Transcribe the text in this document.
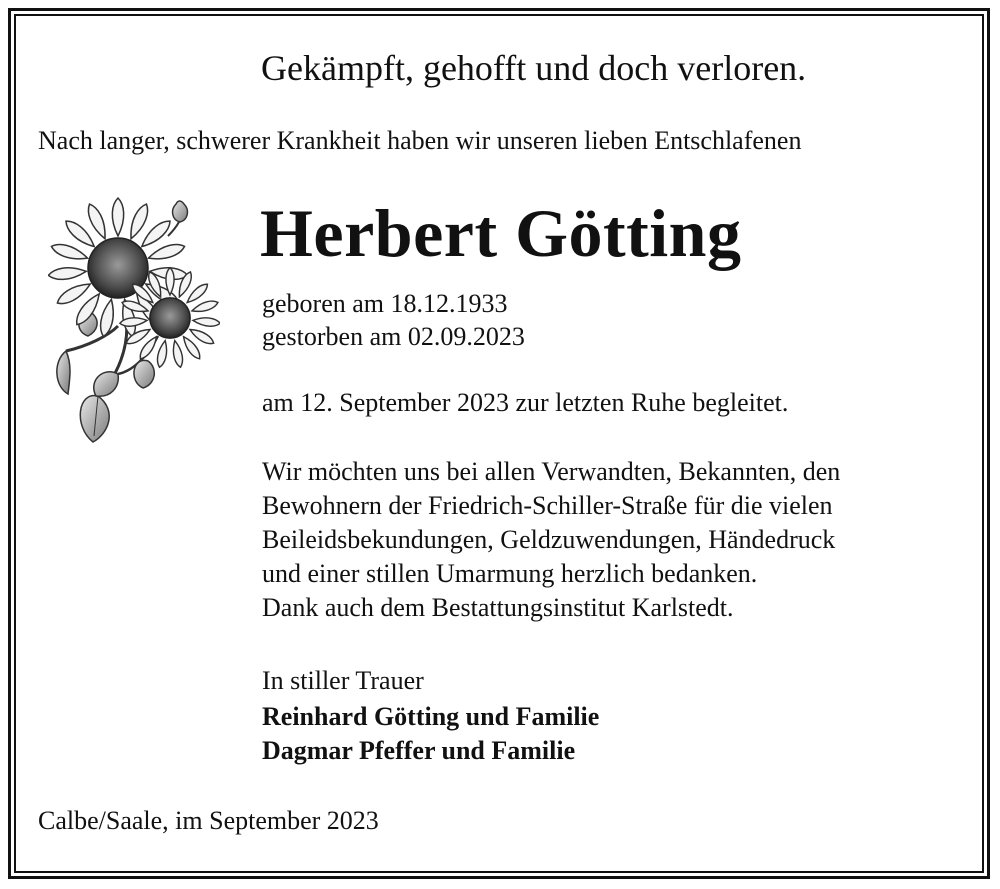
Gekämpft, gehofft und doch verloren.
Nach langer, schwerer Krankheit haben wir unseren lieben Entschlafenen
Herbert Götting
geboren am 18.12.1933
gestorben am 02.09.2023
am 12. September 2023 zur letzten Ruhe begleitet.
Wir möchten uns bei allen Verwandten, Bekannten, den
Bewohnern der Friedrich-Schiller-Straße für die vielen
Beileidsbekundungen, Geldzuwendungen, Händedruck
und einer stillen Umarmung herzlich bedanken.
Dank auch dem Bestattungsinstitut Karlstedt.
In stiller Trauer
Reinhard Götting und Familie
Dagmar Pfeffer und Familie
Calbe/Saale, im September 2023
